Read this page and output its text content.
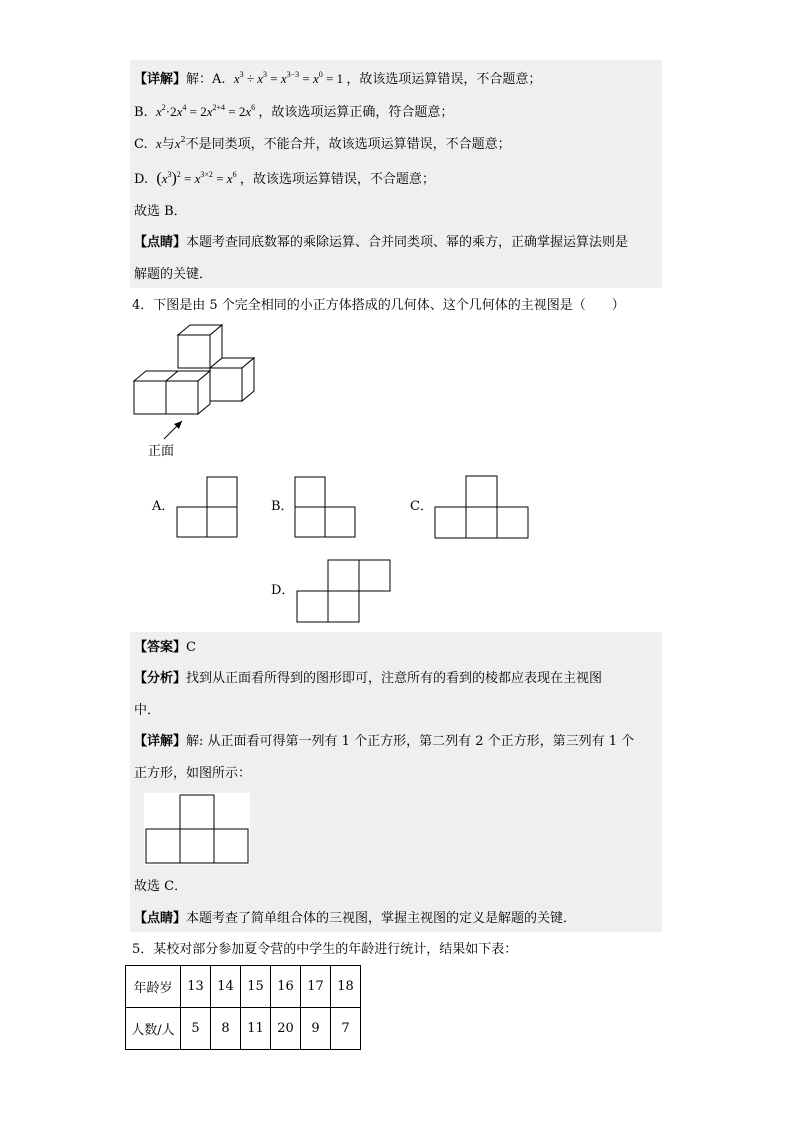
【详解】解：A. $x^3 \div x^3 = x^{3-3} = x^0 = 1$ ，故该选项运算错误，不合题意；
B. $x^2\cdot 2x^4 = 2x^{2+4} = 2x^6$ ，故该选项运算正确，符合题意；
C. x与$x^2$不是同类项，不能合并，故该选项运算错误，不合题意；
D. $(x^3)^2 = x^{3\times 2} = x^6$ ，故该选项运算错误，不合题意；
故选 B．
【点睛】本题考查同底数幂的乘除运算、合并同类项、幂的乘方，正确掌握运算法则是
解题的关键．
4．下图是由 5 个完全相同的小正方体搭成的几何体、这个几何体的主视图是（　　）
正面
A．	B．	C．
D．
【答案】C
【分析】找到从正面看所得到的图形即可，注意所有的看到的棱都应表现在主视图
中．
【详解】解: 从正面看可得第一列有 1 个正方形，第二列有 2 个正方形，第三列有 1 个
正方形，如图所示：
故选 C．
【点睛】本题考查了简单组合体的三视图，掌握主视图的定义是解题的关键．
5．某校对部分参加夏令营的中学生的年龄进行统计，结果如下表：
年龄岁	13	14	15	16	17	18
人数/人	5	8	11	20	9	7
